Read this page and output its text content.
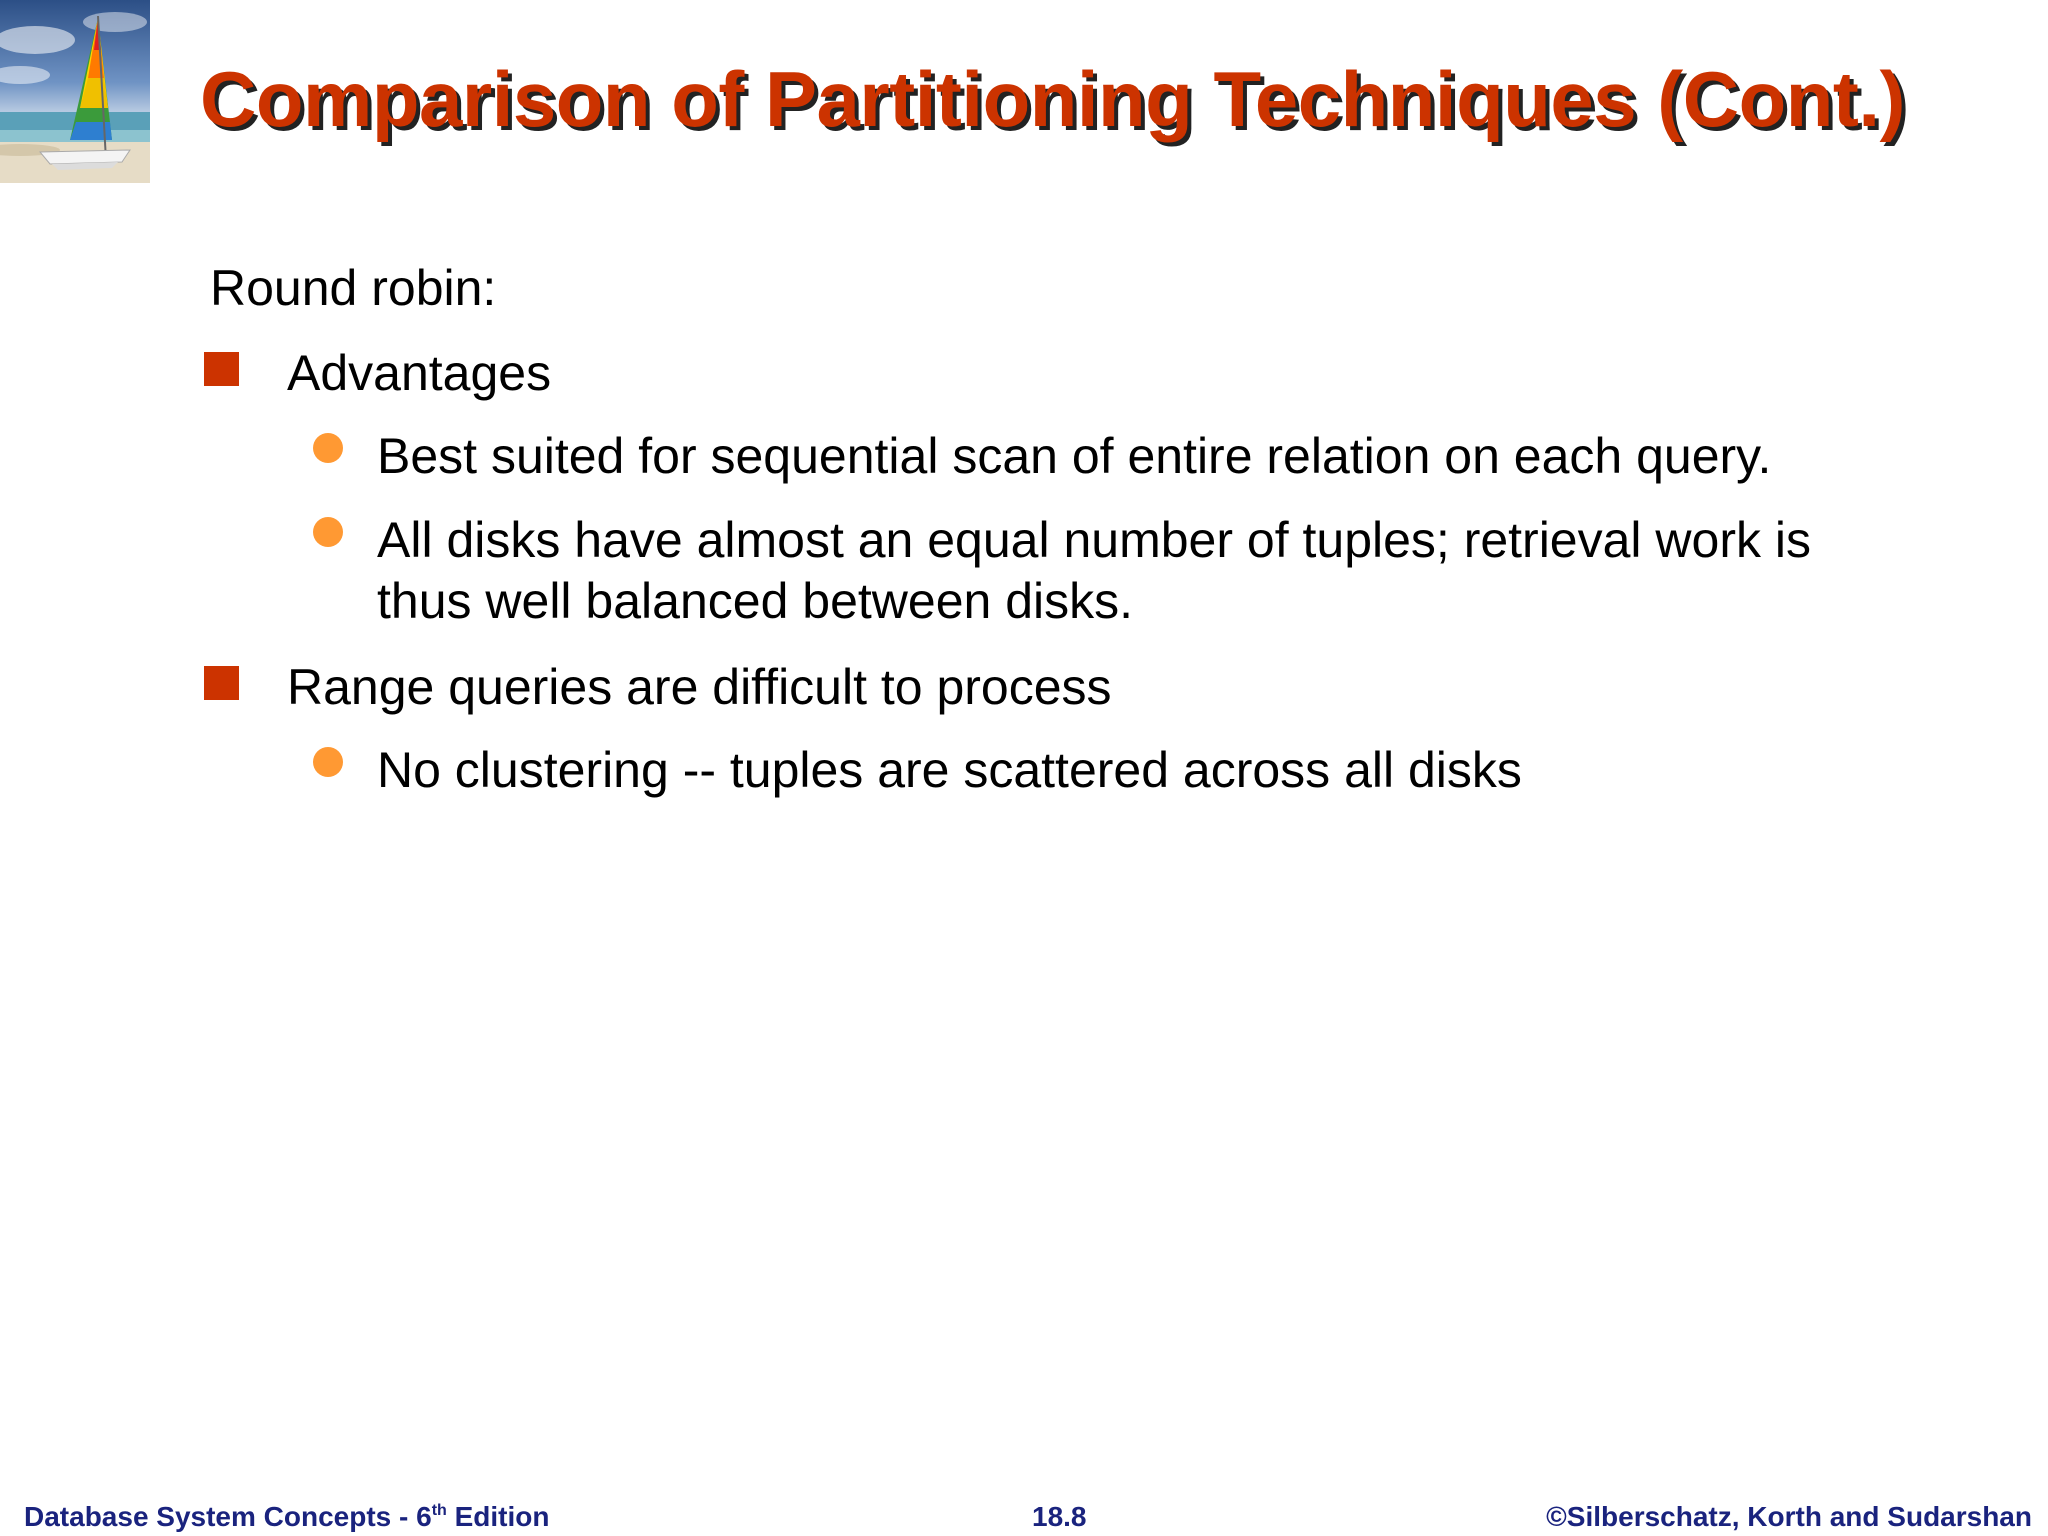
Comparison of Partitioning Techniques (Cont.)
Round robin:
Advantages
Best suited for sequential scan of entire relation on each query.
All disks have almost an equal number of tuples; retrieval work is
thus well balanced between disks.
Range queries are difficult to process
No clustering -- tuples are scattered across all disks
Database System Concepts - 6th Edition	18.8	©Silberschatz, Korth and Sudarshan
